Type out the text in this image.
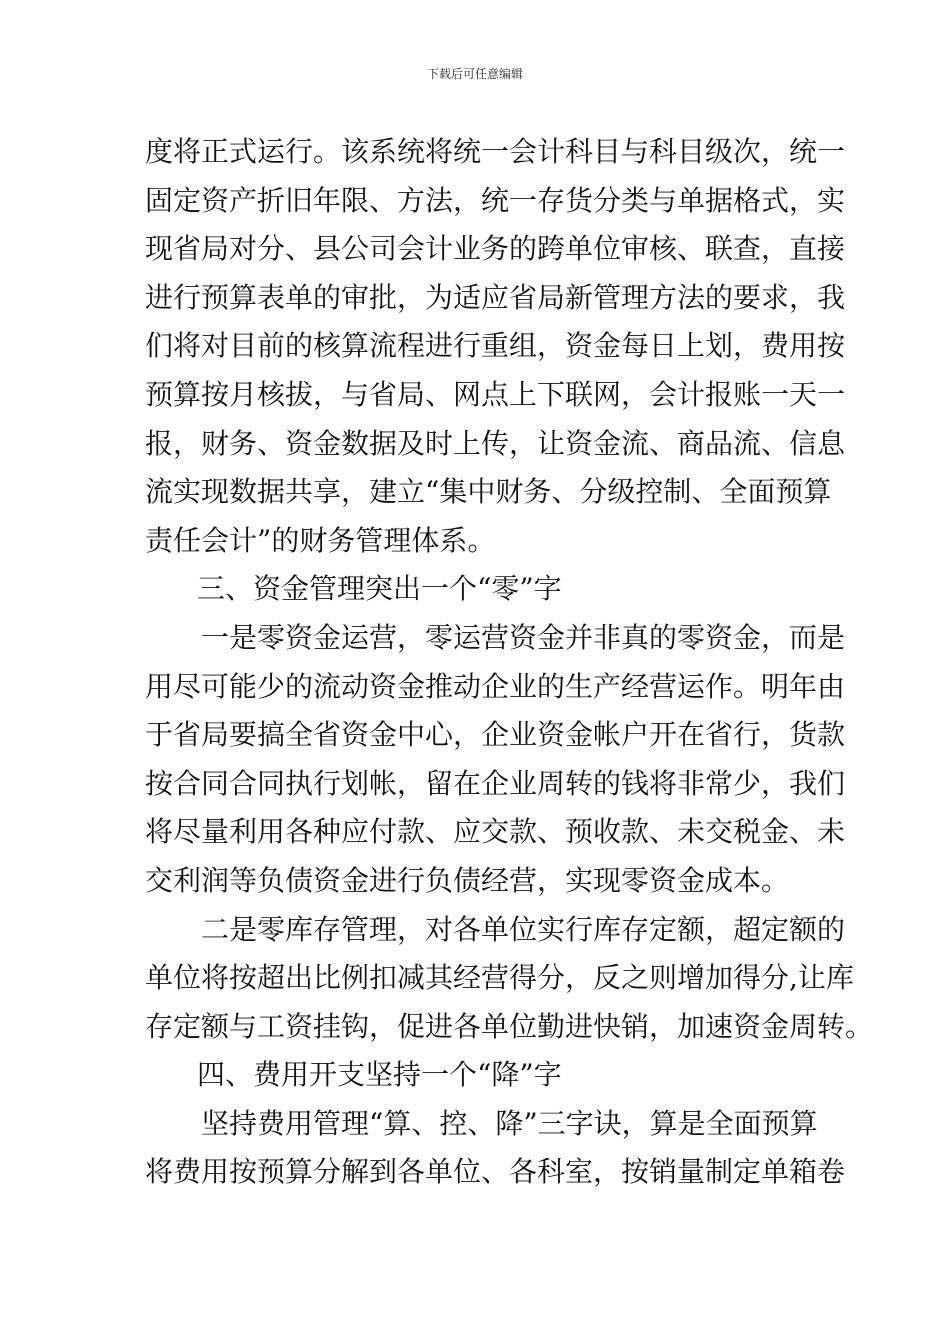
下载后可任意编辑
度将正式运行。该系统将统一会计科目与科目级次，统一
固定资产折旧年限、方法，统一存货分类与单据格式，实
现省局对分、县公司会计业务的跨单位审核、联查，直接
进行预算表单的审批，为适应省局新管理方法的要求，我
们将对目前的核算流程进行重组，资金每日上划，费用按
预算按月核拔，与省局、网点上下联网，会计报账一天一
报，财务、资金数据及时上传，让资金流、商品流、信息
流实现数据共享，建立“集中财务、分级控制、全面预算
责任会计”的财务管理体系。
三、资金管理突出一个“零”字
一是零资金运营，零运营资金并非真的零资金，而是
用尽可能少的流动资金推动企业的生产经营运作。明年由
于省局要搞全省资金中心，企业资金帐户开在省行，货款
按合同合同执行划帐，留在企业周转的钱将非常少，我们
将尽量利用各种应付款、应交款、预收款、未交税金、未
交利润等负债资金进行负债经营，实现零资金成本。
二是零库存管理，对各单位实行库存定额，超定额的
单位将按超出比例扣减其经营得分，反之则增加得分,让库
存定额与工资挂钩，促进各单位勤进快销，加速资金周转。
四、费用开支坚持一个“降”字
坚持费用管理“算、控、降”三字诀，算是全面预算
将费用按预算分解到各单位、各科室，按销量制定单箱卷
